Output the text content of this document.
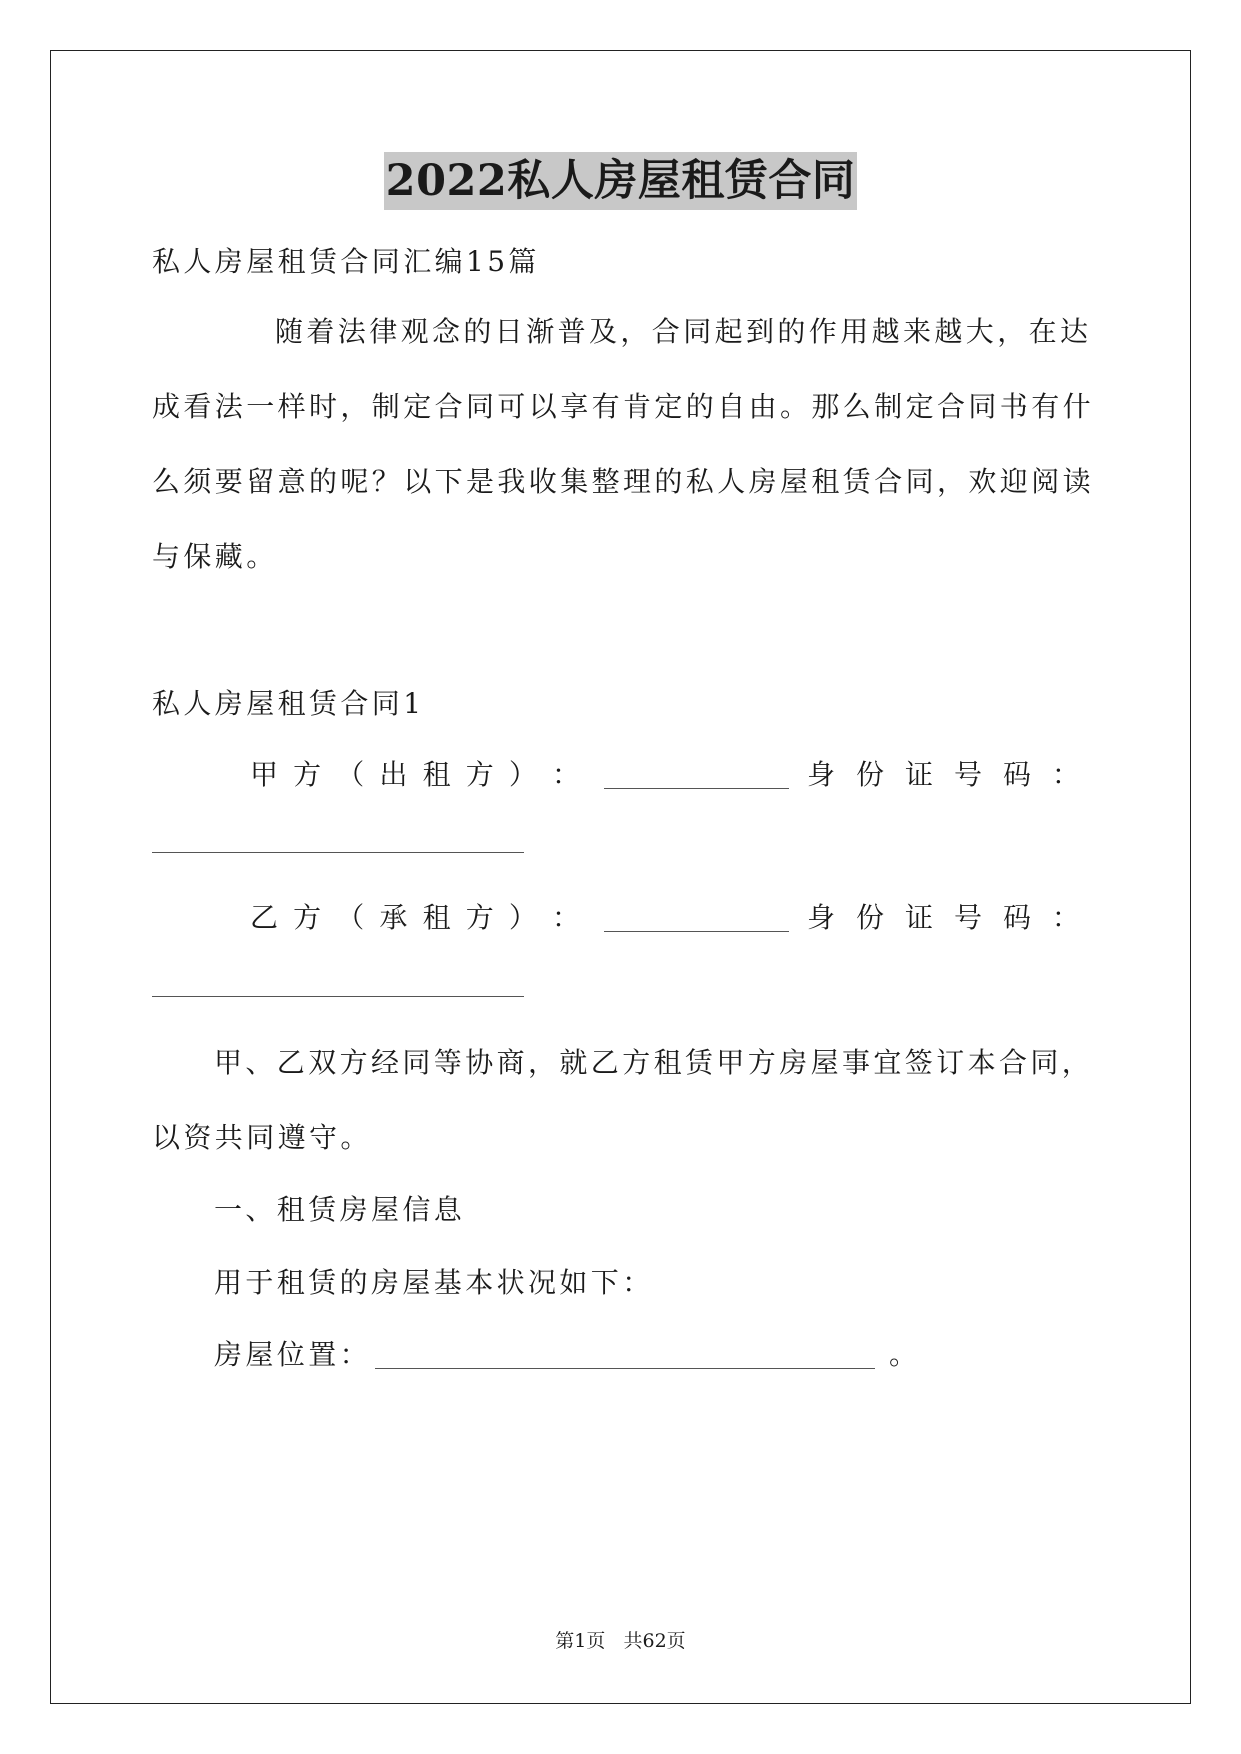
2022私人房屋租赁合同
私人房屋租赁合同汇编15篇
随着法律观念的日渐普及，合同起到的作用越来越大，在达
成看法一样时，制定合同可以享有肯定的自由。那么制定合同书有什
么须要留意的呢？以下是我收集整理的私人房屋租赁合同，欢迎阅读
与保藏。
私人房屋租赁合同1
甲 方 （ 出 租 方 ） ：	身 份 证 号 码 ：
乙 方 （ 承 租 方 ） ：	身 份 证 号 码 ：
甲、乙双方经同等协商，就乙方租赁甲方房屋事宜签订本合同，
以资共同遵守。
一、租赁房屋信息
用于租赁的房屋基本状况如下：
房屋位置：	。
第1页   共62页
